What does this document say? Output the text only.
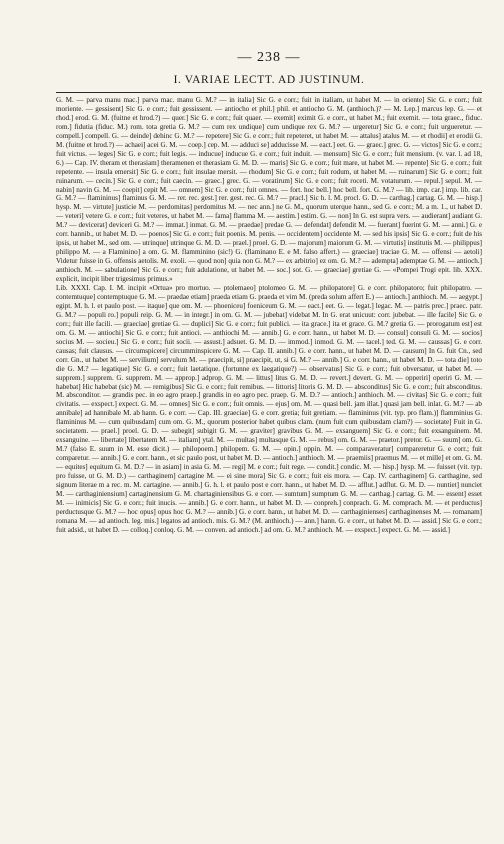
— 238 —
I. VARIAE LECTT. AD JUSTINUM.

G. M. — parva manu mac.] parva mac. manu G. M.? — in italia] Sic G. e corr.; fuit in italiam, ut habet M. — in oriente] Sic G. e corr.; fuit moriente. — gessisent] Sic G. e corr.; fuit gessissent. — antiocho et phil.] phil. et antiocho G. M. (anthioch.)? — M. Lep.] marcus lep. G. — et rhod.] erod. G. M. (fuitne et hrod.?) — quer.] Sic G. e corr.; fuit quaer. — exemit] eximit G. e corr., ut habet M.; fuit exemit. — tota graec., fiduc. rom.] fidutia (fiduc. M.) rom. tota gretia G. M.? — cum rex undique] cum undique rex G. M.? — urgeretur] Sic G. e corr.; fuit urgueretur. — compell.] compell. G. — deinde] dehinc G. M.? — repetere] Sic G. e corr.; fuit repeteret, ut habet M. — attalus] atalus M. — et rhodii] et erodii G. M. (fuitne et hrod.?) — achaei] acei G. M. — coep.] cep. M. — adduci se] adducisse M. — eact.] eet. G. — graec.] grec. G. — victos] Sic G. e corr.; fuit victus. — leges] Sic G. e corr.; fuit legis. — inducue] inducue G. e corr.; fuit induit. — mensum] Sic G. e corr.; fuit mensium. (v. var. l. ad 18, 6.) — Cap. IV. theram et therasiam] theramenen et therasiam G. M. D. — maris] Sic G. e corr.; fuit mare, ut habet M. — repente] Sic G. e corr.; fuit repetente. — insula emersit] Sic G. e corr.; fuit insulae mersit. — rhodum] Sic G. e corr.; fuit rodum, ut habet M. — ruinarum] Sic G. e corr.; fuit ruinarum. — cecin.] Sic G. e corr.; fuit caecin. — graec.] grec. G. — voratirum] Sic G. e corr.; fuit roceti. M. votaturum. — repul.] sepul. M. — nabin] navin G. M. — coepit] cepit M. — omnem] Sic G. e corr.; fuit omnes. — fort. hoc bell.] hoc bell. fort. G. M.? — lib. imp. car.] imp. lib. car. G. M.? — flamininus] flaminus G. M. — rer. rec. gest.] rer. gest. rec. G. M.? — pracl.] Sic h. l. M. procl. G. D. — carthag.] cartag. G. M. — hisp.] hysp. M. — virtute] justicie M. — perdomitas] perdomitus M. — nec ann.] ne G. M., quorum uterque hann., sed G. e corr.; M. a m. 1., ut habet D. — veteri] vetere G. e corr.; fuit veteres, ut habet M. — fama] flamma M. — aestim.] estim. G. — non] In G. est supra vers. — audierant] audiant G. M.? — devicerat] deviceri G. M.? — immat.] inmat. G. M. — praedae] predae G. — defendat] defendit M. — fuerant] fuerint G. M. — anni.] G. e corr. hannib., ut habet M. D. — poenos] Sic G. e corr.; fuit poenis. M. penis. — occidentem] occidente M. — sed his ipsis] Sic G. e corr.; fuit de his ipsis, ut habet M., sed om. — utrinque] utrinque G. M. D. — prael.] proel. G. D. — majorum] maiorum G. M. — virtutis] institutis M. — philippus] philippo M. — a Flaminino] a om. G. M. flamminino (sic!) G. (flaminano E. e M. falso affert.) — graeciae] traciae G. M. — offensi — aetoli] Videtur fuisse in G. offensis aetolis. M. exoli. — quod non] quia non G. M.? — ex arbitrio] ez om. G. M.? — adempta] ademptae G. M. — antioch.] anthioch. M. — sabulatione] Sic G. e corr.; fuit adulatione, ut habet M. — soc.] sot. G. — graeciae] gretiae G. — «Pompei Trogi epit. lib. XXX. explicit, incipit liber trigesimus primus.»

Lib. XXXI. Cap. I. M. incipit «Ortua» pro mortuo. — ptolemaeo] ptolomeo G. M. — philopatore] G. e corr. philopatoro; fuit philopatro. — contemtuque] contemptuque G. M. — praedae etiam] praeda etiam G. praeda et vim M. (preda solum affert E.) — antioch.] anthioch. M. — aegypt.] egipt. M. h. l. et paulo post. — itaque] que om. M. — phoeniceu] foeniceum G. M. — eact.] eet. G. — legat.] legac. M. — patris prec.] praec. patr. G. M.? — populi ro.] populi reip. G. M. — in integr.] in om. G. M. — jubebat] videbat M. In G. erat unicuut: corr. jubebat. — ille facile] Sic G. e corr.; fuit ille facili. — graeciae] gretiae G. — duplici] Sic G. e corr.; fuit publici. — ita grace.] ita et grace. G. M.? gretia G. — prorogatum est] est om. G. M. — antiochi] Sic G. e corr.; fuit antioci. — anthiochi M. — annib.] G. e corr. hann., ut habet M. D. — consul] consuli G. M. — socios] socius M. — socieu.] Sic G. e corr.; fuit socii. — assust.] adsuet. G. M. D. — immod.] inmod. G. M. — tacel.] ted. G. M. — caussas] G. e corr. causas; fuit clausus. — circumspicere] circumminspicere G. M. — Cap. II. annib.] G. e corr. hann., ut habet M. D. — causum] In G. fuit Cn., sed corr. Gn., ut habet M. — servilium] servulum M. — praecipit, si] praecipit, ut, si G. M.? — annib.] G. e corr. hann., ut habet M. D. — tota die] toto die G. M.? — legatique] Sic G. e corr.; fuit laetatique. (fortunne ex laegatique?) — observatus] Sic G. e corr.; fuit obversatur, ut habet M. — supprem.] supprem. G. supprem. M. — approp.] adprop. G. M. — littus] litus G. M. D. — revert.] devert. G. M. — opperiri] operiri G. M. — habebat] Hic habebat (sic) M. — remigibus] Sic G. e corr.; fuit remibus. — littoris] litoris G. M. D. — absconditus] Sic G. e corr.; fuit absconditus. M. absconditor. — grandis pec. in eo agro praep.] grandis in eo agro pec. praep. G. M. D.? — antioch.] anthioch. M. — civitas] Sic G. e corr.; fuit civitatis. — exspect.] expect. G. M. — omnes] Sic G. e corr.; fuit omnis. — ejus] om. M. — quasi bell. jam illat.] quasi jam bell. inlat. G. M.? — ab annibale] ad hannibale M. ab hann. G. e corr. — Cap. III. graeciae] G. e corr. gretia; fuit gretiam. — flamininus (vit. typ. pro flam.)] flamminius G. flamininus M. — cum quibusdam] cum om. G. M., quorum posterior habet quibus clam. (num fuit cum quibusdam clam?) — societate] Fuit in G. societatem. — prael.] proel. G. D. — subegit] subigit G. M. — graviter] gravibus G. M. — exsanguem] Sic G. e corr.; fuit exsanguinem. M. exsanguine. — libertate] libertatem M. — italiam] ytal. M. — multas] multasque G. M. — rebus] om. G. M. — praetor.] pretor. G. — suum] om. G. M.? (falso E. suum in M. esse dicit.) — philopoem.] philopem. G. M. — opin.] oppin. M. — comparaveratur] compareretur G. e corr.; fuit comparetur. — annib.] G. e corr. hann., et sic paulo post, ut habet M. D. — antioch.] anthioch. M. — praemiis] praemus M. — et mille] et om. G. M. — equites] equitum G. M. D.? — in asiam] in asia G. M. — regi] M. e corr.; fuit rege. — condit.] condic. M. — hisp.] hysp. M. — fuisset (vit. typ. pro fuisse, ut G. M. D.) — carthaginem] cartagine M. — ei sine mora] Sic G. e corr.; fuit eis mora. — Cap. IV. carthaginem] G. carthagine, sed signum literae m a rec. m. M. cartagine. — annib.] G. h. l. et paulo post e corr. hann., ut habet M. D. — afflut.] adflut. G. M. D. — nuntiet] nunciet M. — carthaginiensium] cartaginensium G. M. chartaginiensibus G. e corr. — sumtum] sumptum G. M. — carthag.] cartag. G. M. — essent] esset M. — inimicis] Sic G. e corr.; fuit inucis. — annib.] G. e corr. hann., ut habet M. D. — conpreh.] conprach. G. M. comprach. M. — et perductus] perductusque G. M.? — hoc opus] opus hoc G. M.? — annib.] G. e corr. hann., ut habet M. D. — carthaginienses] carthaginenses M. — romanam] romana M. — ad antioch. leg. mis.] legatos ad antioch. mis. G. M.? (M. anthioch.) — ann.] hann. G. e corr., ut habet M. D. — assid.] Sic G. e corr.; fuit adsid., ut habet D. — colloq.] conloq. G. M. — conven. ad antioch.] ad om. G. M.? anthioch. M. — exspect.] expect. G. M. — assid.]
